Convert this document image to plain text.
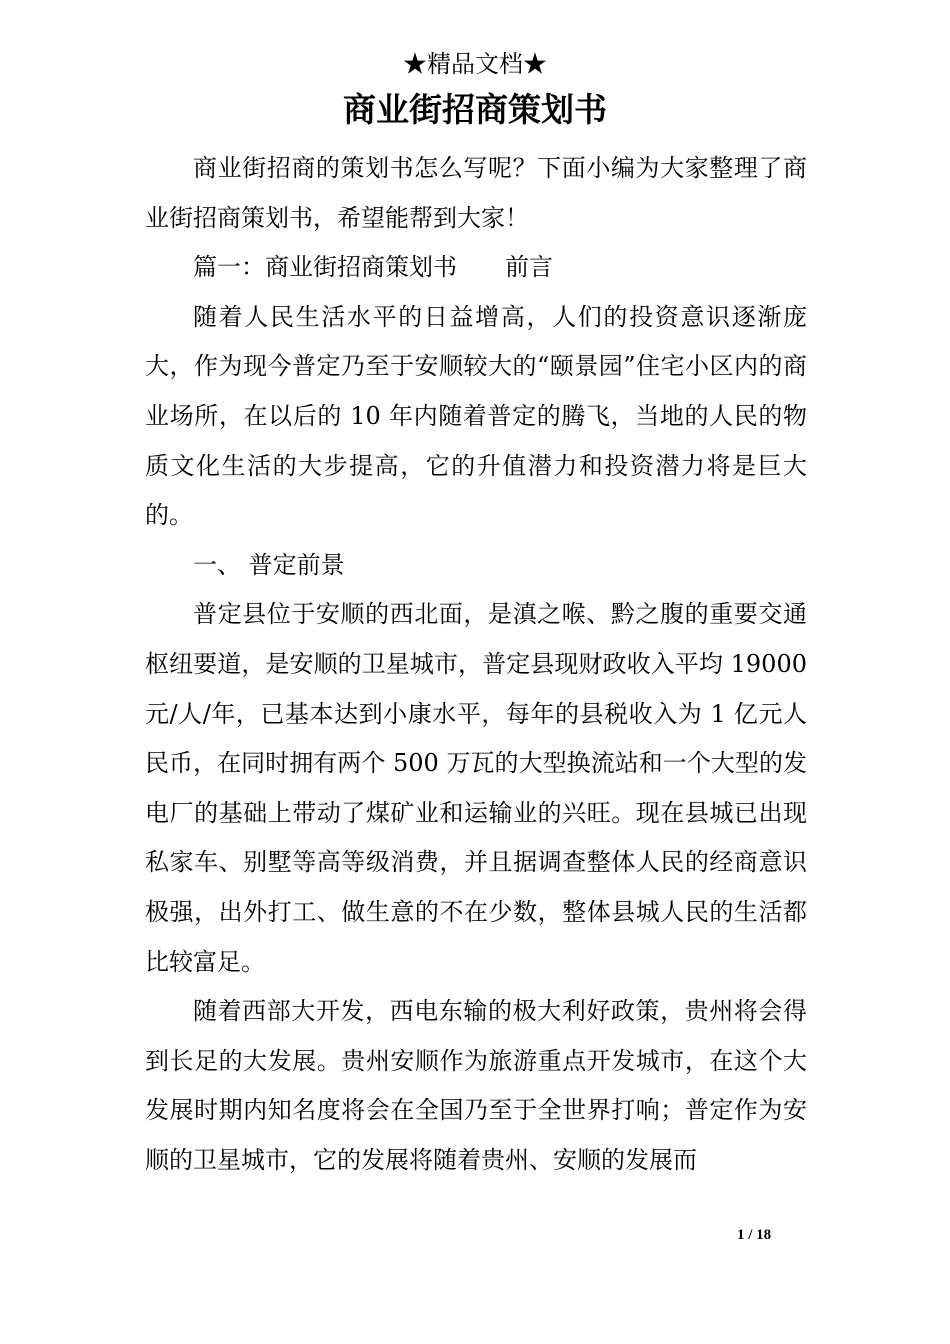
★精品文档★
商业街招商策划书

商业街招商的策划书怎么写呢？下面小编为大家整理了商业街招商策划书，希望能帮到大家！

篇一：商业街招商策划书　　前言

随着人民生活水平的日益增高，人们的投资意识逐渐庞大，作为现今普定乃至于安顺较大的“颐景园”住宅小区内的商业场所，在以后的 10 年内随着普定的腾飞，当地的人民的物质文化生活的大步提高，它的升值潜力和投资潜力将是巨大的。

一、 普定前景

普定县位于安顺的西北面，是滇之喉、黔之腹的重要交通枢纽要道，是安顺的卫星城市，普定县现财政收入平均 19000 元/人/年，已基本达到小康水平，每年的县税收入为 1 亿元人民币，在同时拥有两个 500 万瓦的大型换流站和一个大型的发电厂的基础上带动了煤矿业和运输业的兴旺。现在县城已出现私家车、别墅等高等级消费，并且据调查整体人民的经商意识极强，出外打工、做生意的不在少数，整体县城人民的生活都比较富足。

随着西部大开发，西电东输的极大利好政策，贵州将会得到长足的大发展。贵州安顺作为旅游重点开发城市，在这个大发展时期内知名度将会在全国乃至于全世界打响；普定作为安顺的卫星城市，它的发展将随着贵州、安顺的发展而

1 / 18
